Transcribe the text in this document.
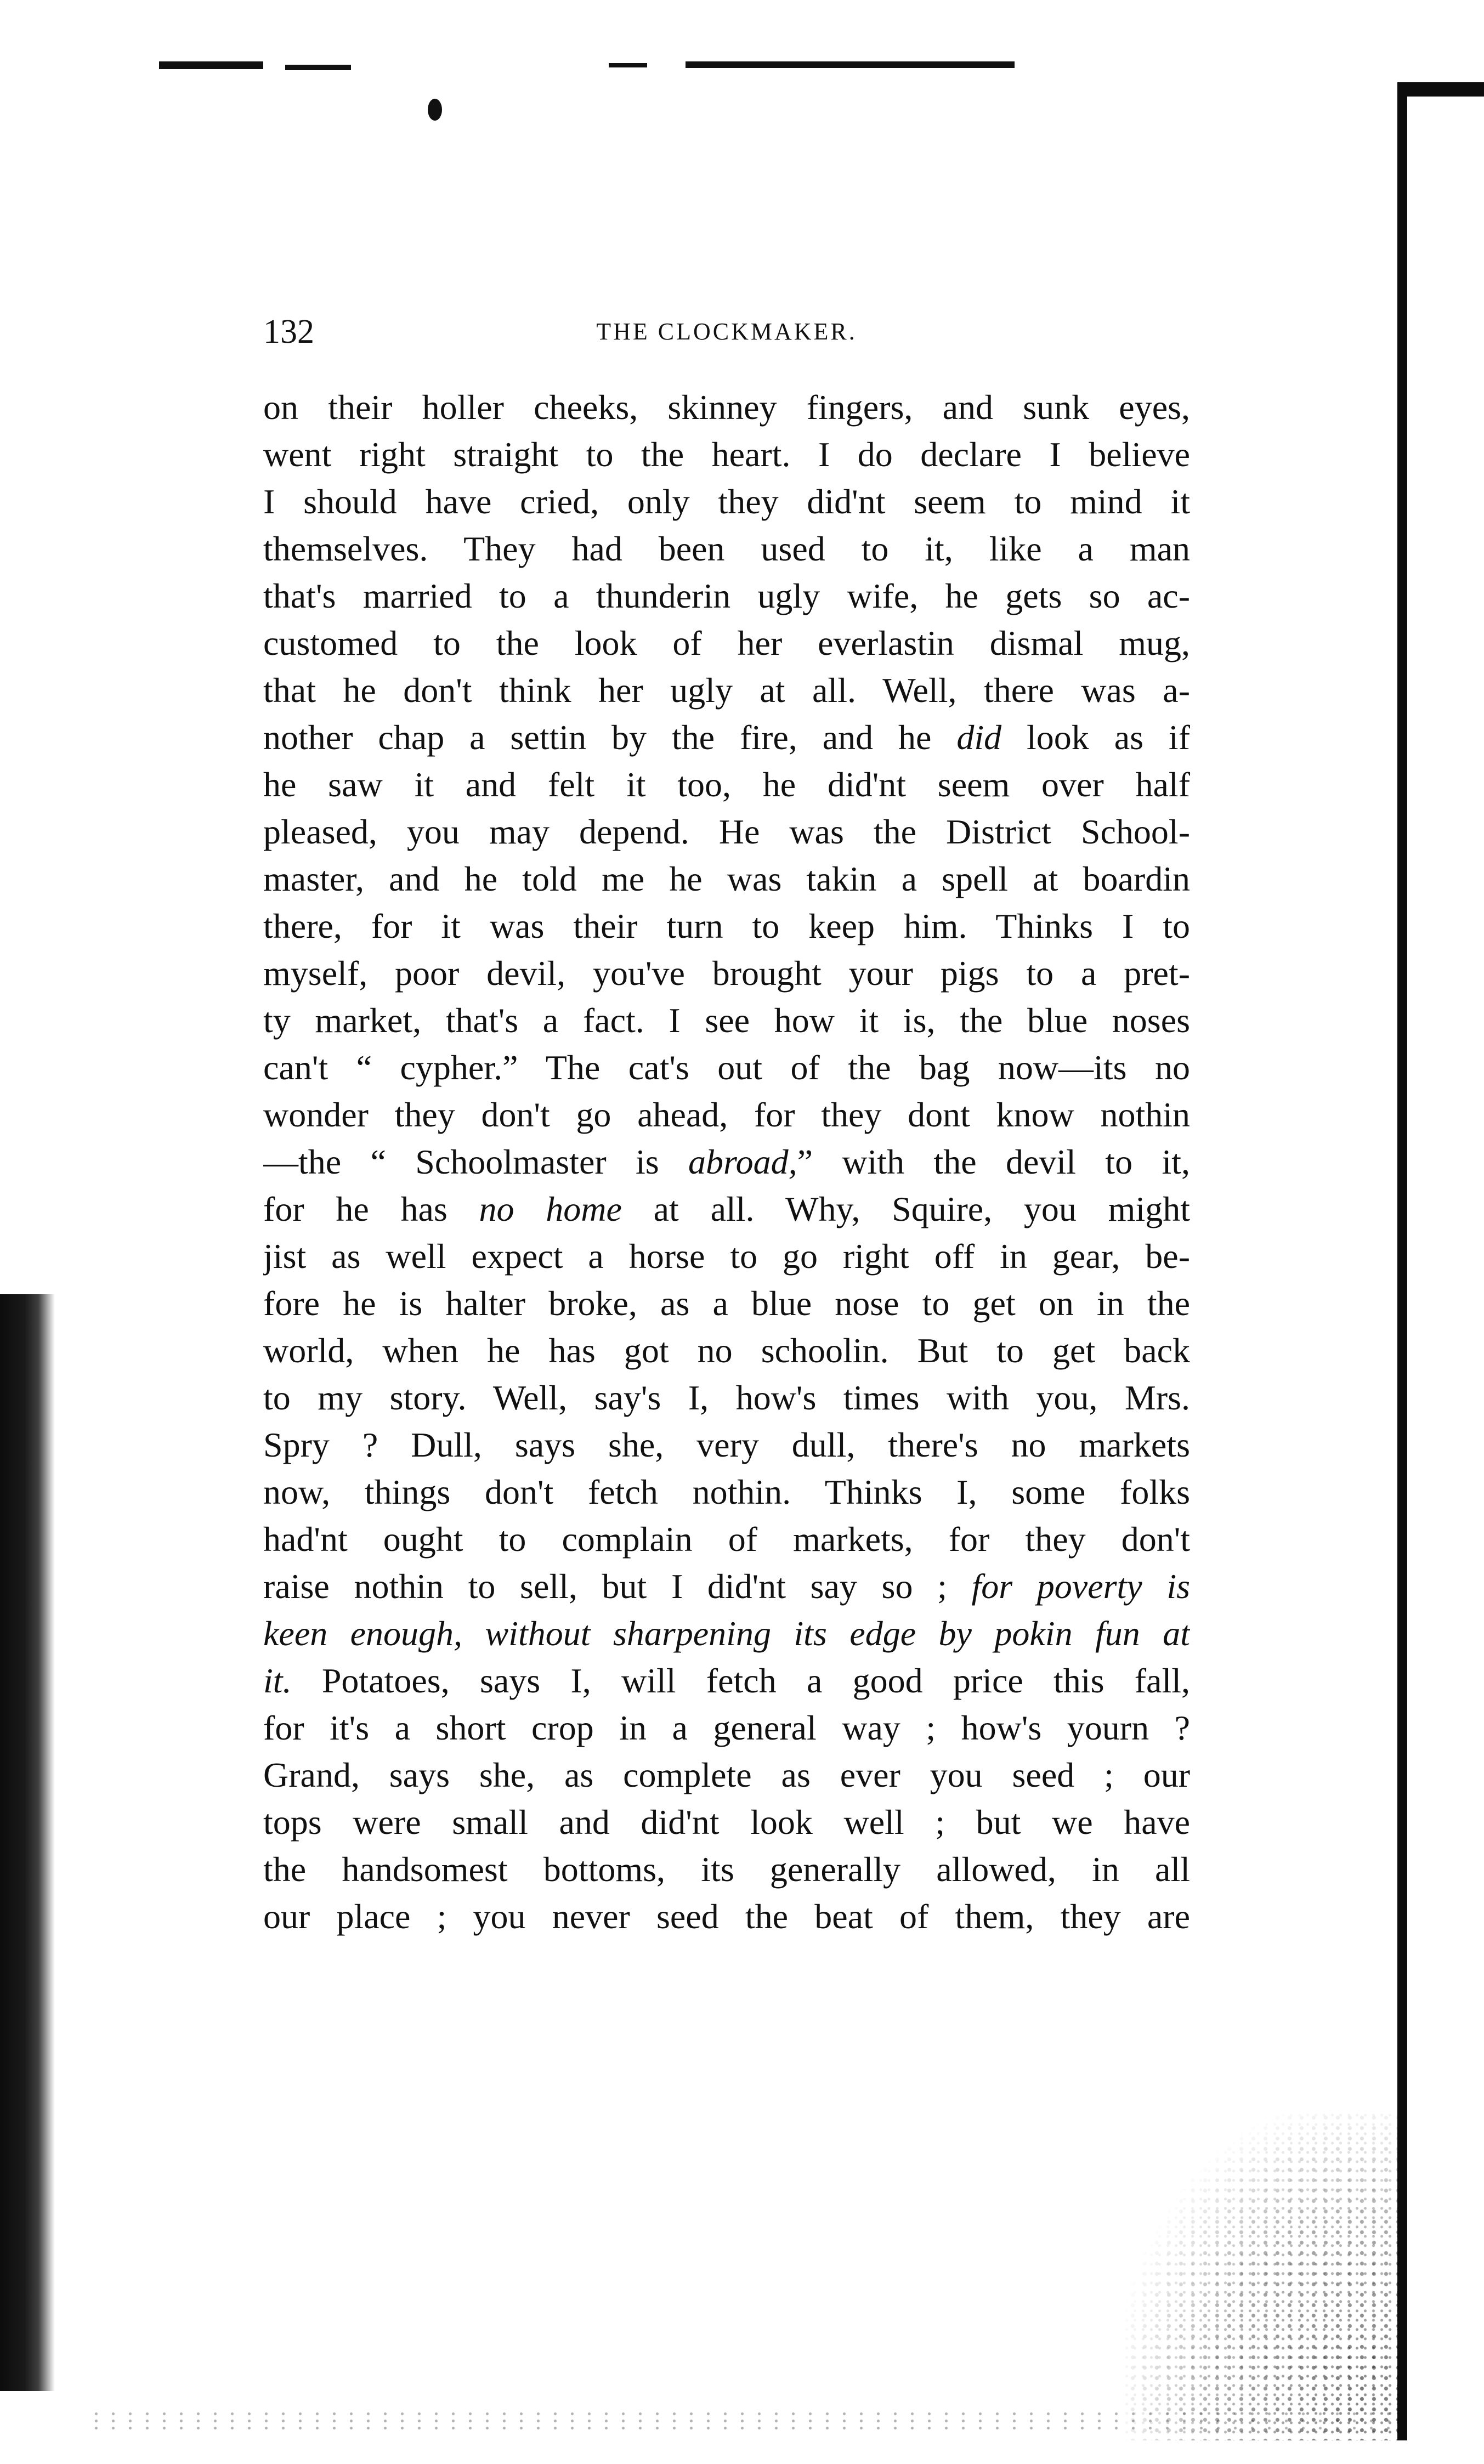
132	THE CLOCKMAKER.
on their holler cheeks, skinney fingers, and sunk eyes,
went right straight to the heart. I do declare I believe
I should have cried, only they did'nt seem to mind it
themselves. They had been used to it, like a man
that's married to a thunderin ugly wife, he gets so ac-
customed to the look of her everlastin dismal mug,
that he don't think her ugly at all. Well, there was a-
nother chap a settin by the fire, and he did look as if
he saw it and felt it too, he did'nt seem over half
pleased, you may depend. He was the District School-
master, and he told me he was takin a spell at boardin
there, for it was their turn to keep him. Thinks I to
myself, poor devil, you've brought your pigs to a pret-
ty market, that's a fact. I see how it is, the blue noses
can't “ cypher.” The cat's out of the bag now—its no
wonder they don't go ahead, for they dont know nothin
—the “ Schoolmaster is abroad,” with the devil to it,
for he has no home at all. Why, Squire, you might
jist as well expect a horse to go right off in gear, be-
fore he is halter broke, as a blue nose to get on in the
world, when he has got no schoolin. But to get back
to my story. Well, say's I, how's times with you, Mrs.
Spry ? Dull, says she, very dull, there's no markets
now, things don't fetch nothin. Thinks I, some folks
had'nt ought to complain of markets, for they don't
raise nothin to sell, but I did'nt say so ; for poverty is
keen enough, without sharpening its edge by pokin fun at
it. Potatoes, says I, will fetch a good price this fall,
for it's a short crop in a general way ; how's yourn ?
Grand, says she, as complete as ever you seed ; our
tops were small and did'nt look well ; but we have
the handsomest bottoms, its generally allowed, in all
our place ; you never seed the beat of them, they are
